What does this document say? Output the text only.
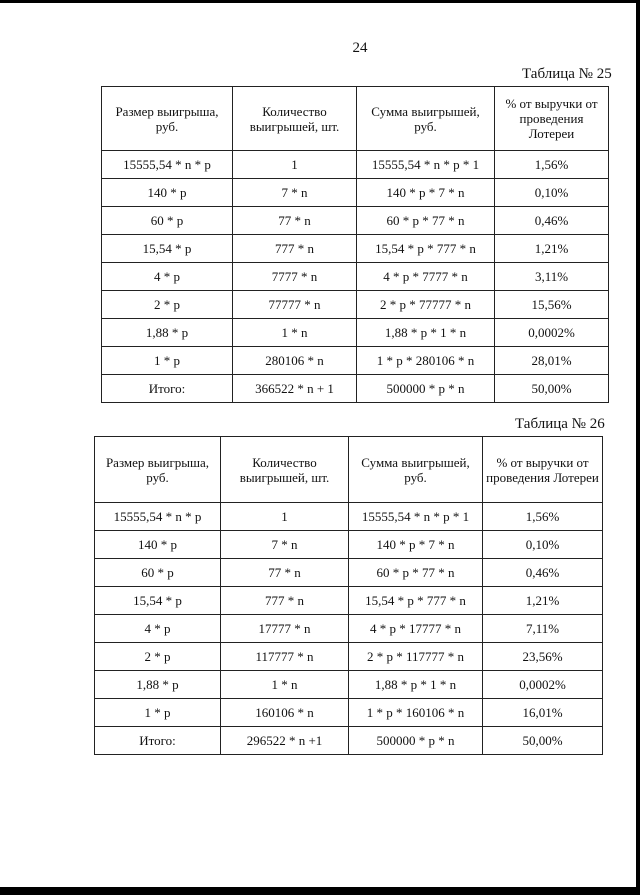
24
Таблица № 25
Размер выигрыша, руб.	Количество выигрышей, шт.	Сумма выигрышей, руб.	% от выручки от проведения Лотереи
15555,54 * n * p	1	15555,54 * n * p * 1	1,56%
140 * p	7 * n	140 * p * 7 * n	0,10%
60 * p	77 * n	60 * p * 77 * n	0,46%
15,54 * p	777 * n	15,54 * p * 777 * n	1,21%
4 * p	7777 * n	4 * p * 7777 * n	3,11%
2 * p	77777 * n	2 * p * 77777 * n	15,56%
1,88 * p	1 * n	1,88 * p * 1 * n	0,0002%
1 * p	280106 * n	1 * p * 280106 * n	28,01%
Итого:	366522 * n + 1	500000 * p * n	50,00%
Таблица № 26
Размер выигрыша, руб.	Количество выигрышей, шт.	Сумма выигрышей, руб.	% от выручки от проведения Лотереи
15555,54 * n * p	1	15555,54 * n * p * 1	1,56%
140 * p	7 * n	140 * p * 7 * n	0,10%
60 * p	77 * n	60 * p * 77 * n	0,46%
15,54 * p	777 * n	15,54 * p * 777 * n	1,21%
4 * p	17777 * n	4 * p * 17777 * n	7,11%
2 * p	117777 * n	2 * p * 117777 * n	23,56%
1,88 * p	1 * n	1,88 * p * 1 * n	0,0002%
1 * p	160106 * n	1 * p * 160106 * n	16,01%
Итого:	296522 * n +1	500000 * p * n	50,00%
